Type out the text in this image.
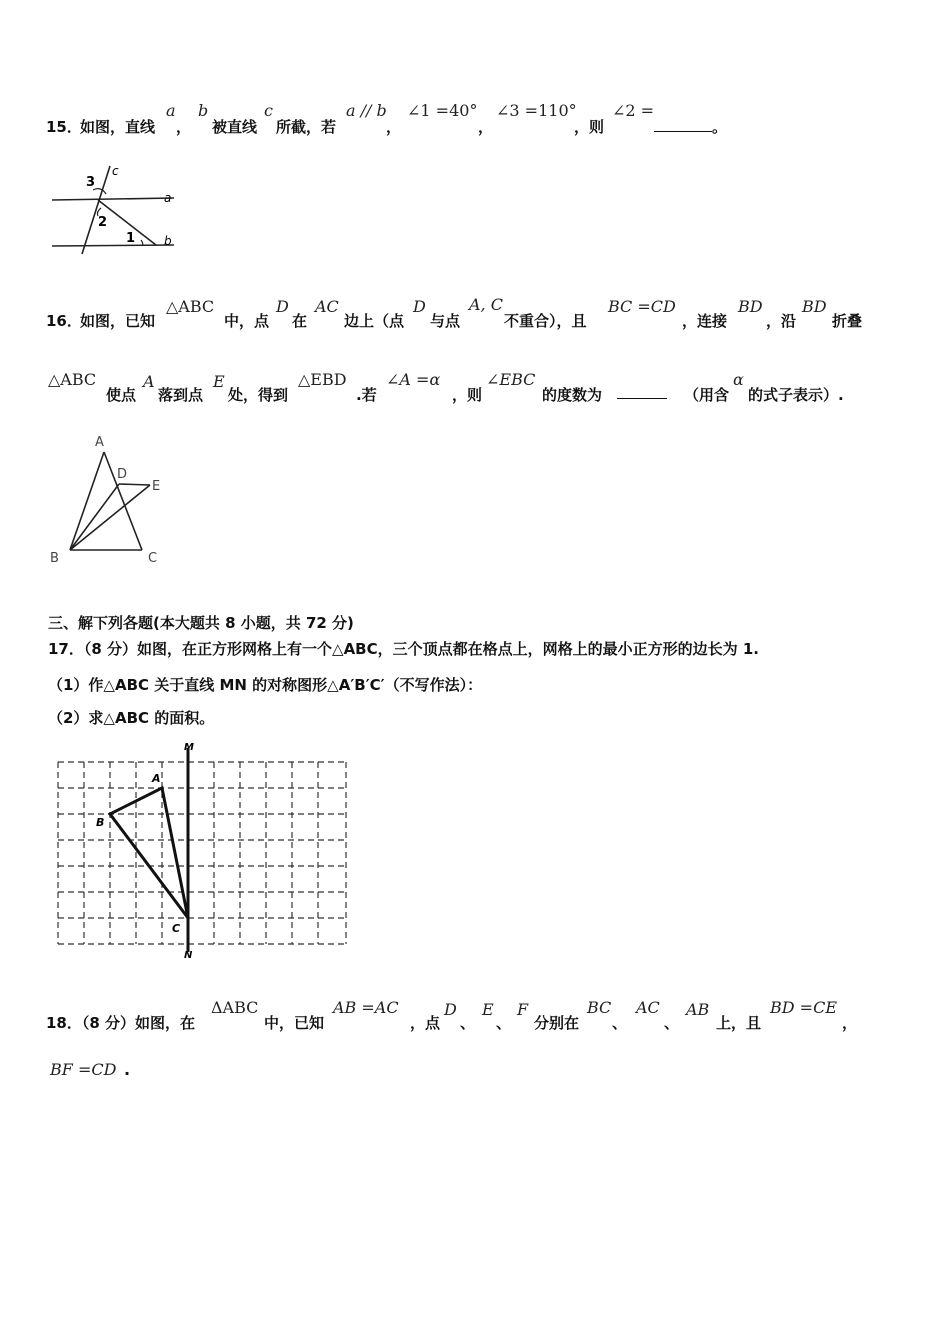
15．
如图，直线
a
，
b
被直线
c
所截，若
a // b
，
∠1 =40°
，
∠3 =110°
，则
∠2 =
。
3
c
a
2
1 b
16．
如图，已知
△ABC
中，点
D
在
AC
边上（点
D
与点
A, C
不重合），且
BC =CD
，连接
BD
，沿
BD
折叠
△ABC
使点
A
落到点
E
处，得到
△EBD
.若
∠A =α
，则
∠EBC
的度数为	（用含
α
的式子表示）.
A
D
E
B	C
三、解下列各题(本大题共 8 小题，共 72 分)
17．（8 分）如图，在正方形网格上有一个△ABC，三个顶点都在格点上，网格上的最小正方形的边长为 1.
（1）作△ABC 关于直线 MN 的对称图形△A′B′C′（不写作法）：
（2）求△ABC 的面积。
M
N
A
B
C
18．（8 分）如图，在
ΔABC
中，已知
AB =AC
，点
D
、
E
、
F
分别在
BC
、
AC
、
AB
上，且
BD =CE
，
BF =CD .
